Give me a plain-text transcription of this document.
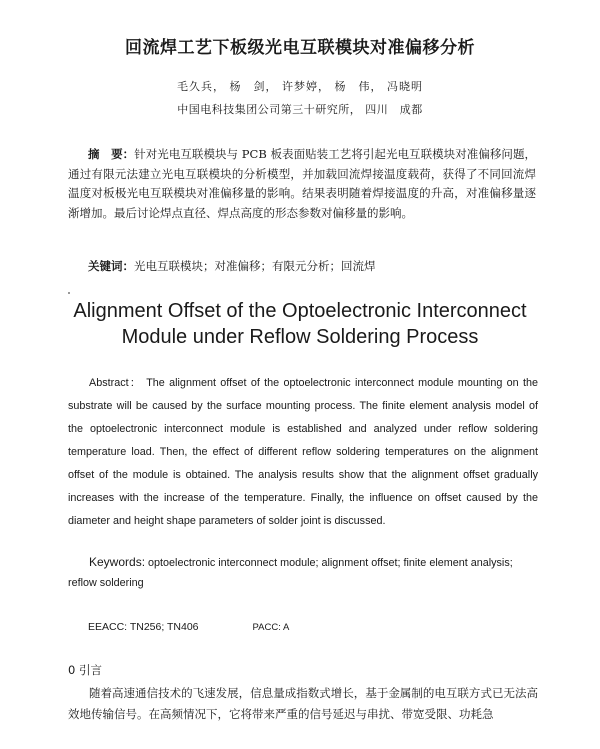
回流焊工艺下板级光电互联模块对准偏移分析
毛久兵， 杨　剑， 许梦婷， 杨　伟， 冯晓明
中国电科技集团公司第三十研究所， 四川　成都
摘　要：针对光电互联模块与 PCB 板表面贴装工艺将引起光电互联模块对准偏移问题，通过有限元法建立光电互联模块的分析模型，并加载回流焊接温度载荷，获得了不同回流焊温度对板极光电互联模块对准偏移量的影响。结果表明随着焊接温度的升高，对准偏移量逐渐增加。最后讨论焊点直径、焊点高度的形态参数对偏移量的影响。
关键词：光电互联模块；对准偏移；有限元分析；回流焊
Alignment Offset of the Optoelectronic Interconnect
Module under Reflow Soldering Process
Abstract： The alignment offset of the optoelectronic interconnect module mounting on the substrate will be caused by the surface mounting process. The finite element analysis model of the optoelectronic interconnect module is established and analyzed under reflow soldering temperature load. Then, the effect of different reflow soldering temperatures on the alignment offset of the module is obtained. The analysis results show that the alignment offset gradually increases with the increase of the temperature. Finally, the influence on offset caused by the diameter and height shape parameters of solder joint is discussed.
Keywords: optoelectronic interconnect module; alignment offset; finite element analysis; reflow soldering
EEACC: TN256; TN406	PACC: A
0 引言
随着高速通信技术的飞速发展，信息量成指数式增长，基于金属制的电互联方式已无法高效地传输信号。在高频情况下，它将带来严重的信号延迟与串扰、带宽受限、功耗急
